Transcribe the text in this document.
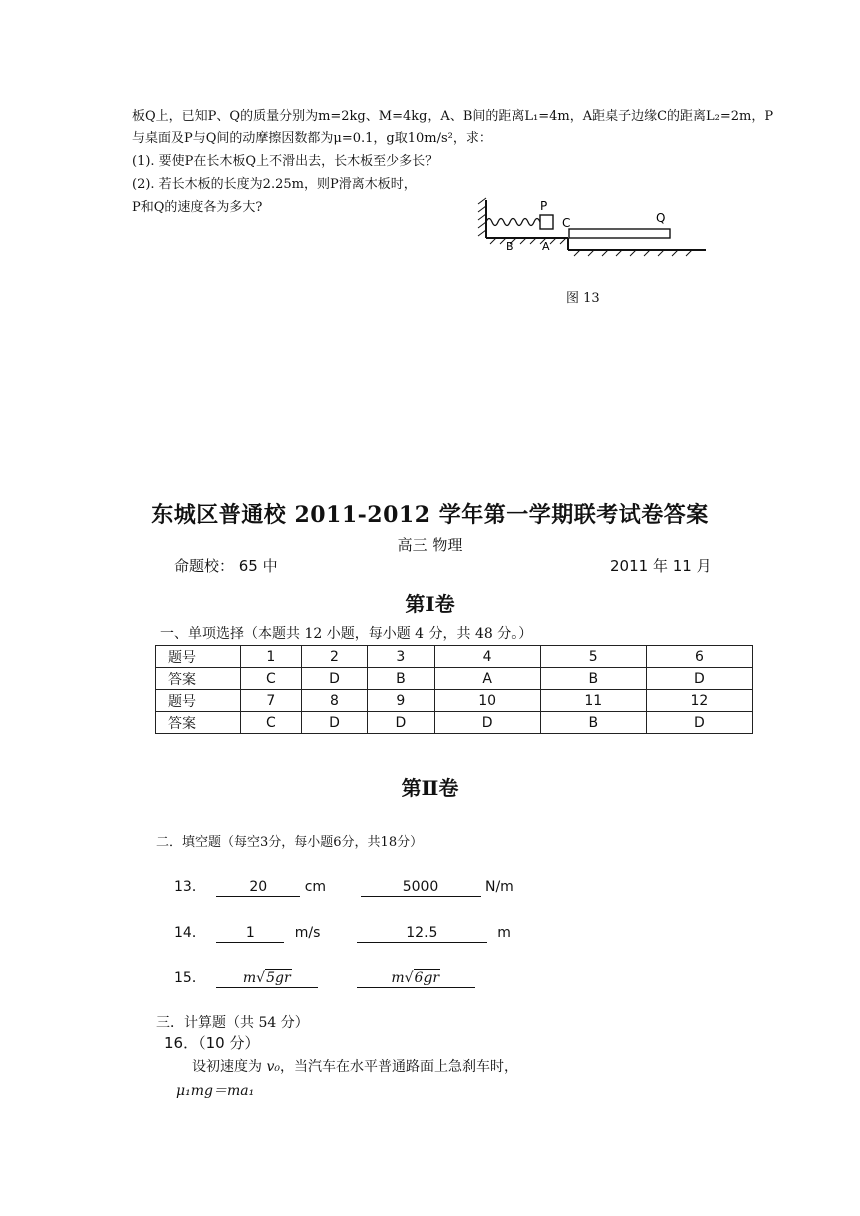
板Q上，已知P、Q的质量分别为m=2kg、M=4kg，A、B间的距离L₁=4m，A距桌子边缘C的距离L₂=2m，P
与桌面及P与Q间的动摩擦因数都为μ=0.1，g取10m/s²，求：
(1). 要使P在长木板Q上不滑出去，长木板至少多长？
(2). 若长木板的长度为2.25m，则P滑离木板时，
P和Q的速度各为多大?	P
C	Q
B	A
图 13
东城区普通校 2011-2012 学年第一学期联考试卷答案
高三 物理
命题校： 65 中	2011 年 11 月
第Ⅰ卷
一、单项选择（本题共 12 小题，每小题 4 分，共 48 分。）
题号	1	2	3	4	5	6
答案	C	D	B	A	B	D
题号	7	8	9	10	11	12
答案	C	D	D	D	B	D
第Ⅱ卷
二．填空题（每空3分，每小题6分，共18分）
13．	20	cm	5000	N/m
14．	1	m/s	12.5	m
15．	m√5gr	m√6gr
三．计算题（共 54 分）
16．（10 分）
设初速度为 v₀，当汽车在水平普通路面上急刹车时，
μ₁mg＝ma₁
